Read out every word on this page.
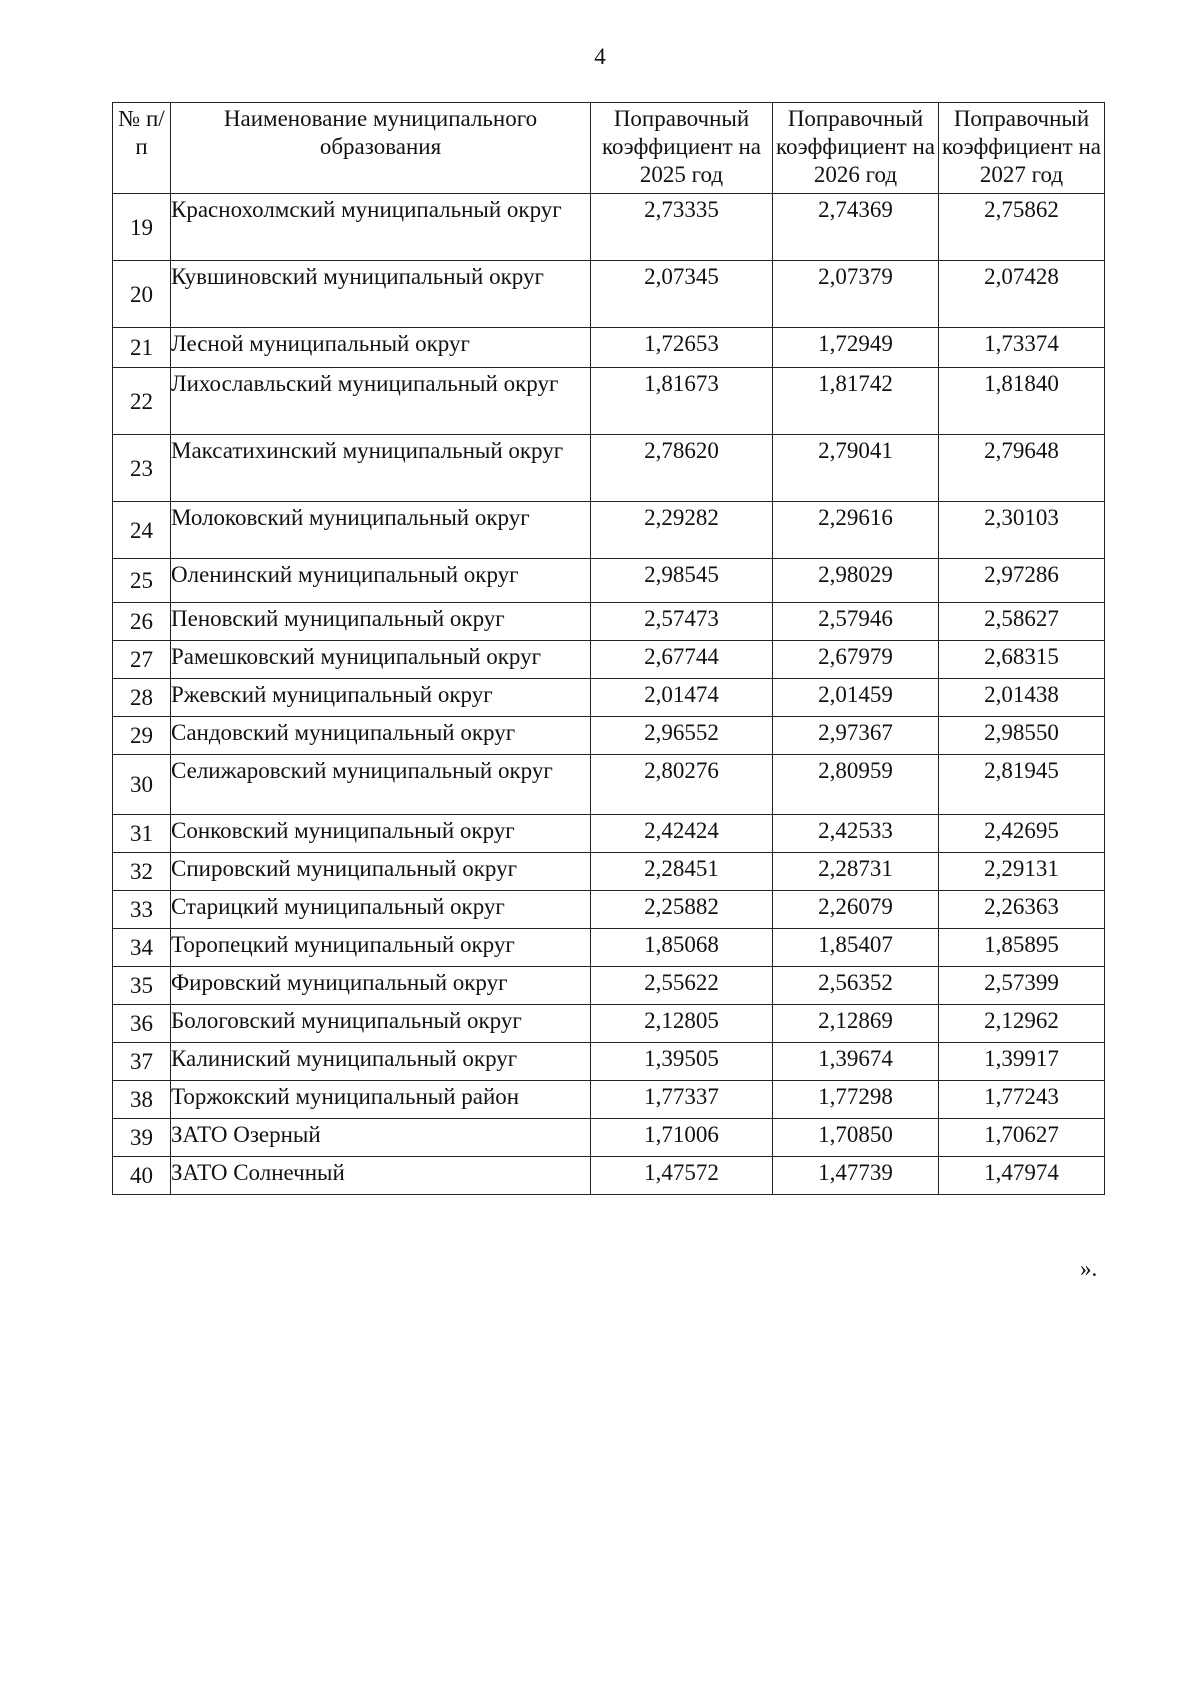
4
№ п/п	Наименование муниципального образования	Поправочный коэффициент на 2025 год	Поправочный коэффициент на 2026 год	Поправочный коэффициент на 2027 год
19	Краснохолмский муниципальный округ	2,73335	2,74369	2,75862
20	Кувшиновский муниципальный округ	2,07345	2,07379	2,07428
21	Лесной муниципальный округ	1,72653	1,72949	1,73374
22	Лихославльский муниципальный округ	1,81673	1,81742	1,81840
23	Максатихинский муниципальный округ	2,78620	2,79041	2,79648
24	Молоковский муниципальный округ	2,29282	2,29616	2,30103
25	Оленинский муниципальный округ	2,98545	2,98029	2,97286
26	Пеновский муниципальный округ	2,57473	2,57946	2,58627
27	Рамешковский муниципальный округ	2,67744	2,67979	2,68315
28	Ржевский муниципальный округ	2,01474	2,01459	2,01438
29	Сандовский муниципальный округ	2,96552	2,97367	2,98550
30	Селижаровский муниципальный округ	2,80276	2,80959	2,81945
31	Сонковский муниципальный округ	2,42424	2,42533	2,42695
32	Спировский муниципальный округ	2,28451	2,28731	2,29131
33	Старицкий муниципальный округ	2,25882	2,26079	2,26363
34	Торопецкий муниципальный округ	1,85068	1,85407	1,85895
35	Фировский муниципальный округ	2,55622	2,56352	2,57399
36	Бологовский муниципальный округ	2,12805	2,12869	2,12962
37	Калиниский муниципальный округ	1,39505	1,39674	1,39917
38	Торжокский муниципальный район	1,77337	1,77298	1,77243
39	ЗАТО Озерный	1,71006	1,70850	1,70627
40	ЗАТО Солнечный	1,47572	1,47739	1,47974
».
